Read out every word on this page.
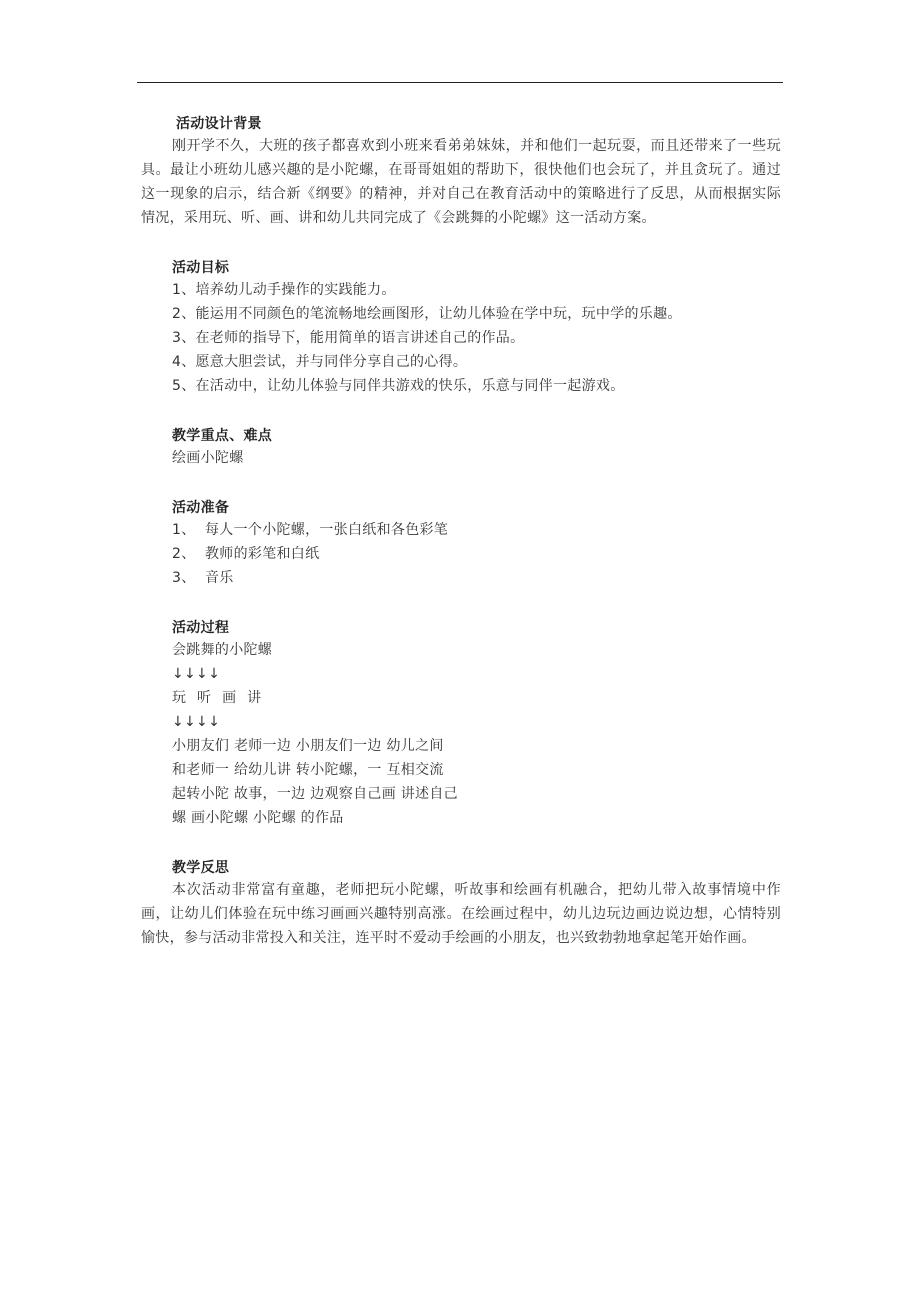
活动设计背景

刚开学不久，大班的孩子都喜欢到小班来看弟弟妹妹，并和他们一起玩耍，而且还带来了一些玩具。最让小班幼儿感兴趣的是小陀螺，在哥哥姐姐的帮助下，很快他们也会玩了，并且贪玩了。通过这一现象的启示，结合新《纲要》的精神，并对自己在教育活动中的策略进行了反思，从而根据实际情况，采用玩、听、画、讲和幼儿共同完成了《会跳舞的小陀螺》这一活动方案。

活动目标

1、培养幼儿动手操作的实践能力。

2、能运用不同颜色的笔流畅地绘画图形，让幼儿体验在学中玩，玩中学的乐趣。

3、在老师的指导下，能用简单的语言讲述自己的作品。

4、愿意大胆尝试，并与同伴分享自己的心得。

5、在活动中，让幼儿体验与同伴共游戏的快乐，乐意与同伴一起游戏。

教学重点、难点

绘画小陀螺

活动准备

1、  每人一个小陀螺，一张白纸和各色彩笔

2、  教师的彩笔和白纸

3、  音乐

活动过程

会跳舞的小陀螺

↓↓↓↓

玩 听 画 讲

↓↓↓↓

小朋友们 老师一边 小朋友们一边 幼儿之间

和老师一 给幼儿讲 转小陀螺，一 互相交流

起转小陀 故事，一边 边观察自己画 讲述自己

螺 画小陀螺 小陀螺 的作品

教学反思

本次活动非常富有童趣，老师把玩小陀螺，听故事和绘画有机融合，把幼儿带入故事情境中作画，让幼儿们体验在玩中练习画画兴趣特别高涨。在绘画过程中，幼儿边玩边画边说边想，心情特别愉快，参与活动非常投入和关注，连平时不爱动手绘画的小朋友，也兴致勃勃地拿起笔开始作画。
